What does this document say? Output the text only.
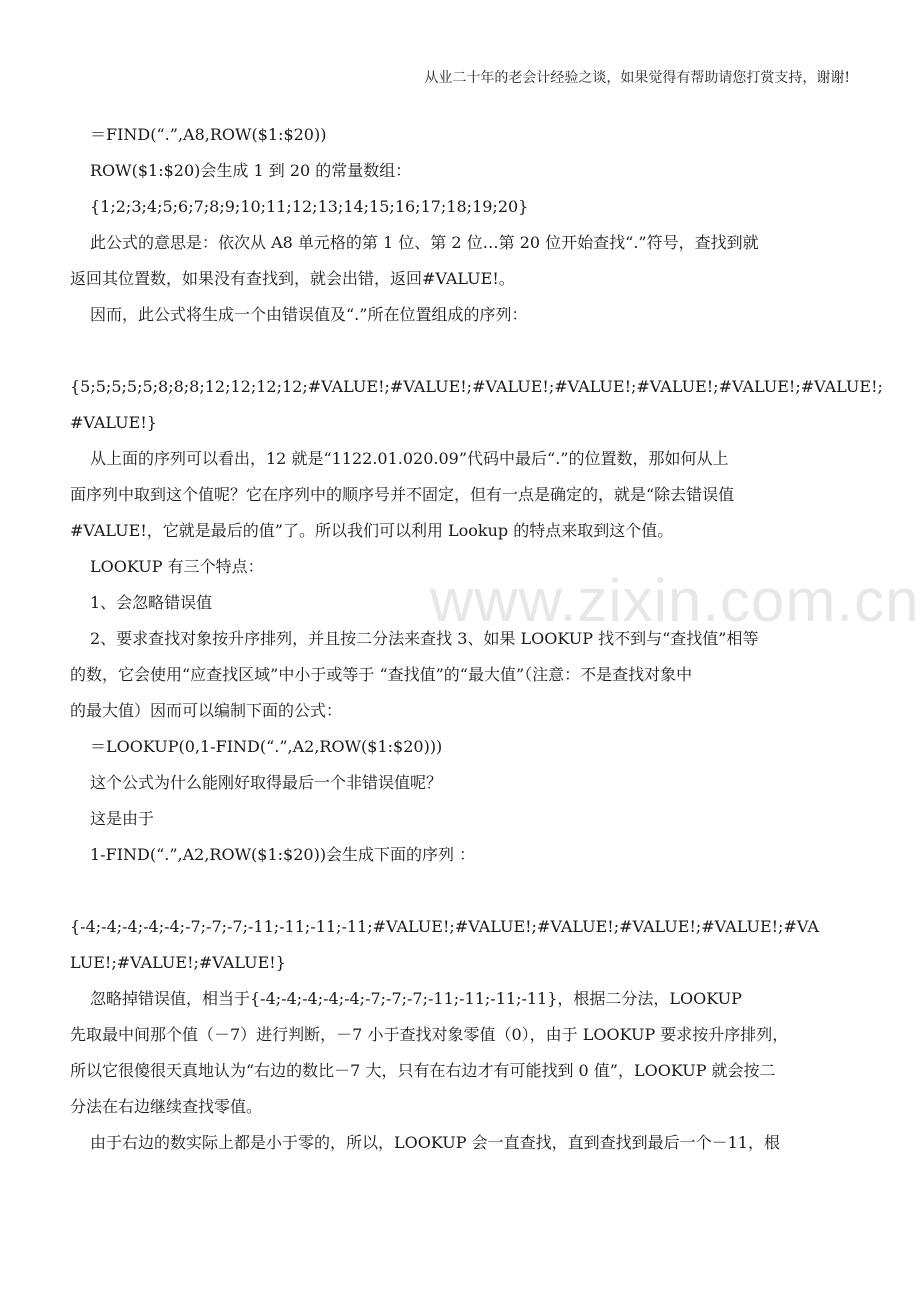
从业二十年的老会计经验之谈，如果觉得有帮助请您打赏支持，谢谢!
www.zixin.com.cn

＝FIND(“.”,A8,ROW($1:$20))

ROW($1:$20)会生成 1 到 20 的常量数组：

{1;2;3;4;5;6;7;8;9;10;11;12;13;14;15;16;17;18;19;20}

此公式的意思是：依次从 A8 单元格的第 1 位、第 2 位…第 20 位开始查找“.”符号，查找到就

返回其位置数，如果没有查找到，就会出错，返回#VALUE!。

因而，此公式将生成一个由错误值及“.”所在位置组成的序列：

{5;5;5;5;5;8;8;8;12;12;12;12;#VALUE!;#VALUE!;#VALUE!;#VALUE!;#VALUE!;#VALUE!;#VALUE!;

#VALUE!}

从上面的序列可以看出，12 就是“1122.01.020.09”代码中最后“.”的位置数，那如何从上

面序列中取到这个值呢？它在序列中的顺序号并不固定，但有一点是确定的，就是“除去错误值

#VALUE!，它就是最后的值”了。所以我们可以利用 Lookup 的特点来取到这个值。

LOOKUP 有三个特点：

1、会忽略错误值

2、要求查找对象按升序排列，并且按二分法来查找 3、如果 LOOKUP 找不到与“查找值”相等

的数，它会使用“应查找区域”中小于或等于 “查找值”的“最大值”（注意：不是查找对象中

的最大值）因而可以编制下面的公式：

＝LOOKUP(0,1-FIND(“.”,A2,ROW($1:$20)))

这个公式为什么能刚好取得最后一个非错误值呢？

这是由于

1-FIND(“.”,A2,ROW($1:$20))会生成下面的序列 ：

{-4;-4;-4;-4;-4;-7;-7;-7;-11;-11;-11;-11;#VALUE!;#VALUE!;#VALUE!;#VALUE!;#VALUE!;#VA

LUE!;#VALUE!;#VALUE!}

忽略掉错误值，相当于{-4;-4;-4;-4;-4;-7;-7;-7;-11;-11;-11;-11}，根据二分法，LOOKUP

先取最中间那个值（－7）进行判断，－7 小于查找对象零值（0），由于 LOOKUP 要求按升序排列，

所以它很傻很天真地认为“右边的数比－7 大，只有在右边才有可能找到 0 值”，LOOKUP 就会按二

分法在右边继续查找零值。

由于右边的数实际上都是小于零的，所以，LOOKUP 会一直查找，直到查找到最后一个－11，根
